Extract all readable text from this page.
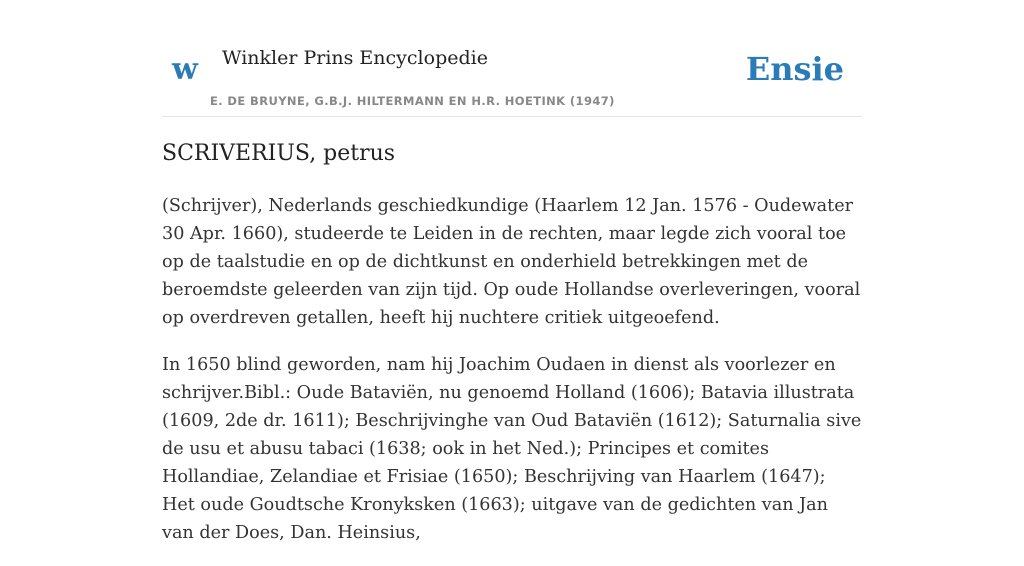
w Winkler Prins Encyclopedie
E. DE BRUYNE, G.B.J. HILTERMANN EN H.R. HOETINK (1947)
Ensie
SCRIVERIUS, petrus

(Schrijver), Nederlands geschiedkundige (Haarlem 12 Jan. 1576 - Oudewater 30 Apr. 1660), studeerde te Leiden in de rechten, maar legde zich vooral toe op de taalstudie en op de dichtkunst en onderhield betrekkingen met de beroemdste geleerden van zijn tijd. Op oude Hollandse overleveringen, vooral op overdreven getallen, heeft hij nuchtere critiek uitgeoefend.

In 1650 blind geworden, nam hij Joachim Oudaen in dienst als voorlezer en schrijver.Bibl.: Oude Bataviën, nu genoemd Holland (1606); Batavia illustrata (1609, 2de dr. 1611); Beschrijvinghe van Oud Bataviën (1612); Saturnalia sive de usu et abusu tabaci (1638; ook in het Ned.); Principes et comites Hollandiae, Zelandiae et Frisiae (1650); Beschrijving van Haarlem (1647); Het oude Goudtsche Kronyksken (1663); uitgave van de gedichten van Jan van der Does, Dan. Heinsius,
